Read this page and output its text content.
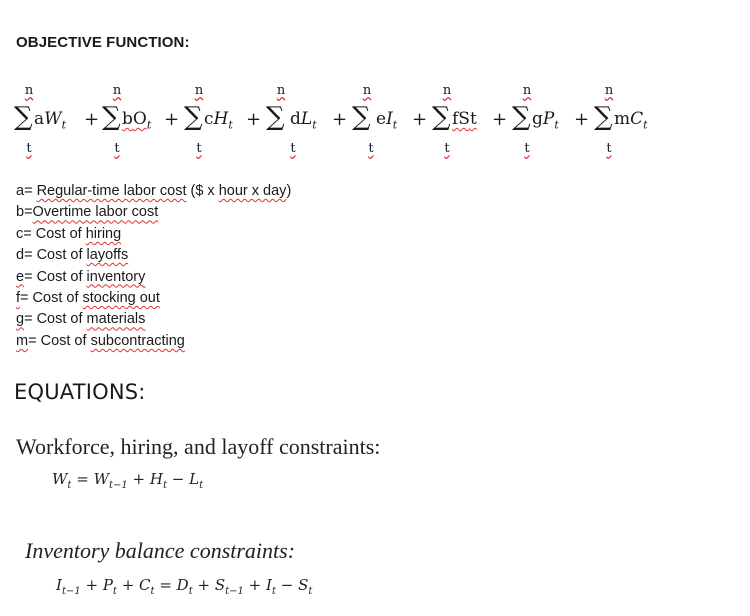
OBJECTIVE FUNCTION:
n
∑ $aW_t$
t
+
n
∑ $bO_t$
t
+
n
∑ $cH_t$
t
+
n
∑ $dL_t$
t
+
n
∑ $eI_t$
t
+
n
∑ fSt
t
+
n
∑ $gP_t$
t
+
n
∑ $mC_t$
t
a= Regular-time labor cost ($ x hour x day)
b=Overtime labor cost
c= Cost of hiring
d= Cost of layoffs
e= Cost of inventory
f= Cost of stocking out
g= Cost of materials
m= Cost of subcontracting
EQUATIONS:
Workforce, hiring, and layoff constraints:
$W_t = W_{t-1} + H_t - L_t$
Inventory balance constraints:
$I_{t-1} + P_t + C_t = D_t + S_{t-1} + I_t - S_t$
